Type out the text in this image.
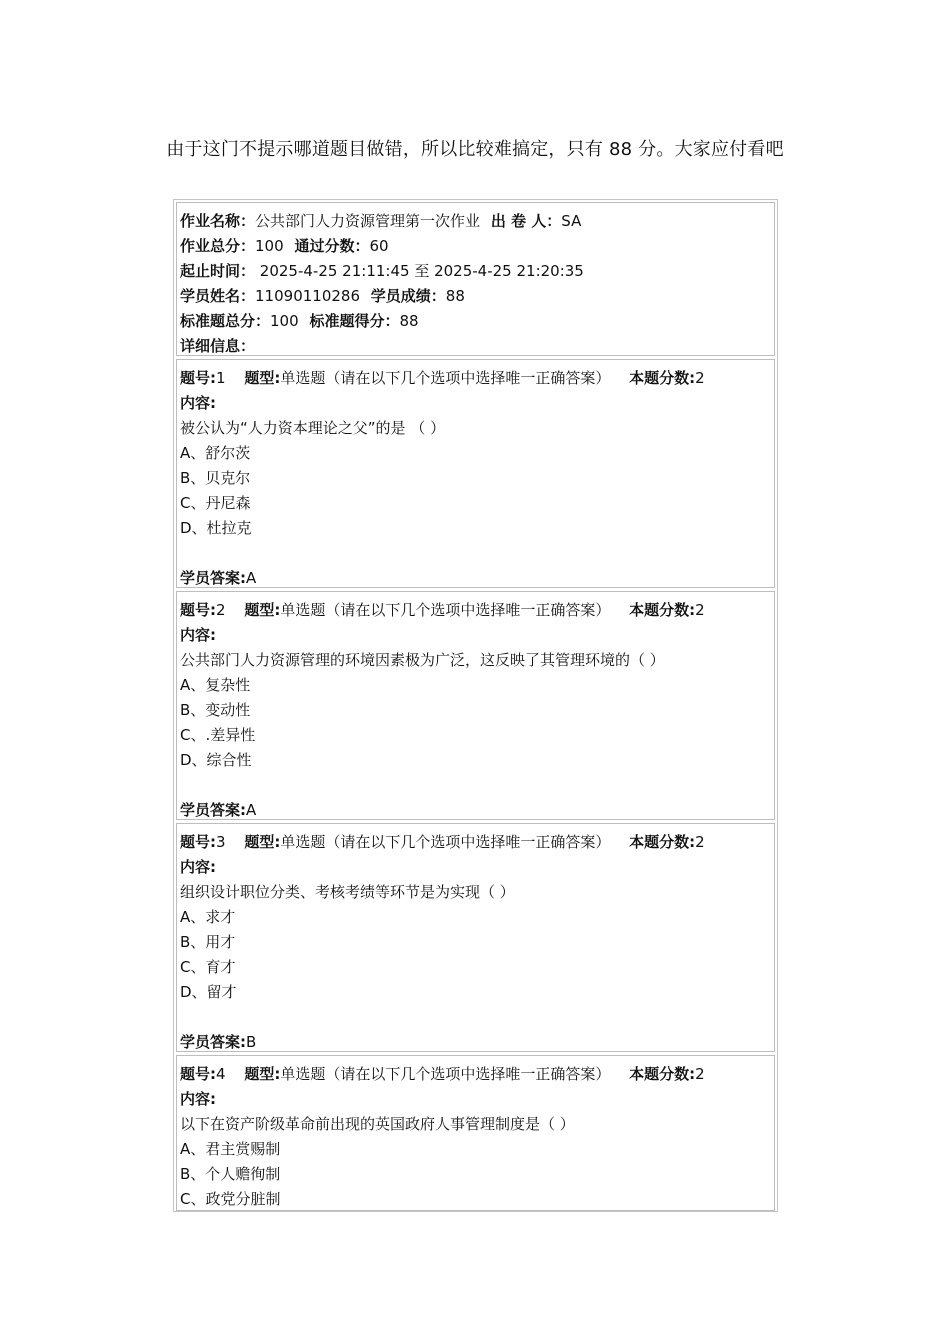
由于这门不提示哪道题目做错，所以比较难搞定，只有 88 分。大家应付看吧
作业名称：公共部门人力资源管理第一次作业 出 卷 人：SA
作业总分：100 通过分数：60
起止时间： 2025-4-25 21:11:45 至 2025-4-25 21:20:35
学员姓名：11090110286 学员成绩：88
标准题总分：100 标准题得分：88
详细信息：
题号:1 题型:单选题（请在以下几个选项中选择唯一正确答案） 本题分数:2
内容:
被公认为“人力资本理论之父”的是 （ ）
A、舒尔茨
B、贝克尔
C、丹尼森
D、杜拉克
学员答案:A
题号:2 题型:单选题（请在以下几个选项中选择唯一正确答案） 本题分数:2
内容:
公共部门人力资源管理的环境因素极为广泛，这反映了其管理环境的（ ）
A、复杂性
B、变动性
C、.差异性
D、综合性
学员答案:A
题号:3 题型:单选题（请在以下几个选项中选择唯一正确答案） 本题分数:2
内容:
组织设计职位分类、考核考绩等环节是为实现（ ）
A、求才
B、用才
C、育才
D、留才
学员答案:B
题号:4 题型:单选题（请在以下几个选项中选择唯一正确答案） 本题分数:2
内容:
以下在资产阶级革命前出现的英国政府人事管理制度是（ ）
A、君主赏赐制
B、个人赡徇制
C、政党分脏制
